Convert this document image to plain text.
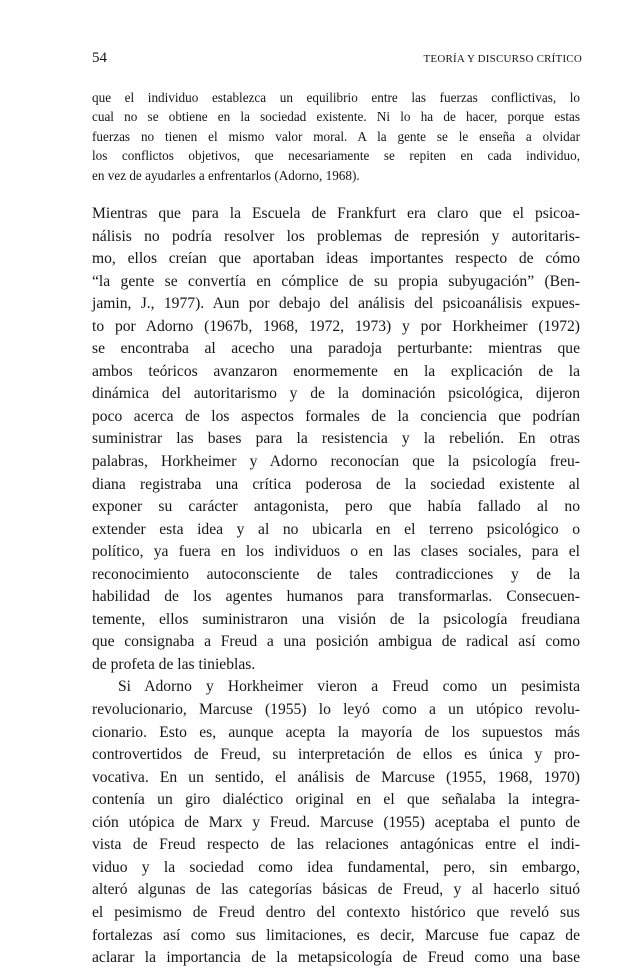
54	TEORÍA Y DISCURSO CRÍTICO
que el individuo establezca un equilibrio entre las fuerzas conflictivas, lo
cual no se obtiene en la sociedad existente. Ni lo ha de hacer, porque estas
fuerzas no tienen el mismo valor moral. A la gente se le enseña a olvidar
los conflictos objetivos, que necesariamente se repiten en cada individuo,
en vez de ayudarles a enfrentarlos (Adorno, 1968).
Mientras que para la Escuela de Frankfurt era claro que el psicoa-
nálisis no podría resolver los problemas de represión y autoritaris-
mo, ellos creían que aportaban ideas importantes respecto de cómo
“la gente se convertía en cómplice de su propia subyugación” (Ben-
jamin, J., 1977). Aun por debajo del análisis del psicoanálisis expues-
to por Adorno (1967b, 1968, 1972, 1973) y por Horkheimer (1972)
se encontraba al acecho una paradoja perturbante: mientras que
ambos teóricos avanzaron enormemente en la explicación de la
dinámica del autoritarismo y de la dominación psicológica, dijeron
poco acerca de los aspectos formales de la conciencia que podrían
suministrar las bases para la resistencia y la rebelión. En otras
palabras, Horkheimer y Adorno reconocían que la psicología freu-
diana registraba una crítica poderosa de la sociedad existente al
exponer su carácter antagonista, pero que había fallado al no
extender esta idea y al no ubicarla en el terreno psicológico o
político, ya fuera en los individuos o en las clases sociales, para el
reconocimiento autoconsciente de tales contradicciones y de la
habilidad de los agentes humanos para transformarlas. Consecuen-
temente, ellos suministraron una visión de la psicología freudiana
que consignaba a Freud a una posición ambigua de radical así como
de profeta de las tinieblas.
Si Adorno y Horkheimer vieron a Freud como un pesimista
revolucionario, Marcuse (1955) lo leyó como a un utópico revolu-
cionario. Esto es, aunque acepta la mayoría de los supuestos más
controvertidos de Freud, su interpretación de ellos es única y pro-
vocativa. En un sentido, el análisis de Marcuse (1955, 1968, 1970)
contenía un giro dialéctico original en el que señalaba la integra-
ción utópica de Marx y Freud. Marcuse (1955) aceptaba el punto de
vista de Freud respecto de las relaciones antagónicas entre el indi-
viduo y la sociedad como idea fundamental, pero, sin embargo,
alteró algunas de las categorías básicas de Freud, y al hacerlo situó
el pesimismo de Freud dentro del contexto histórico que reveló sus
fortalezas así como sus limitaciones, es decir, Marcuse fue capaz de
aclarar la importancia de la metapsicología de Freud como una base
